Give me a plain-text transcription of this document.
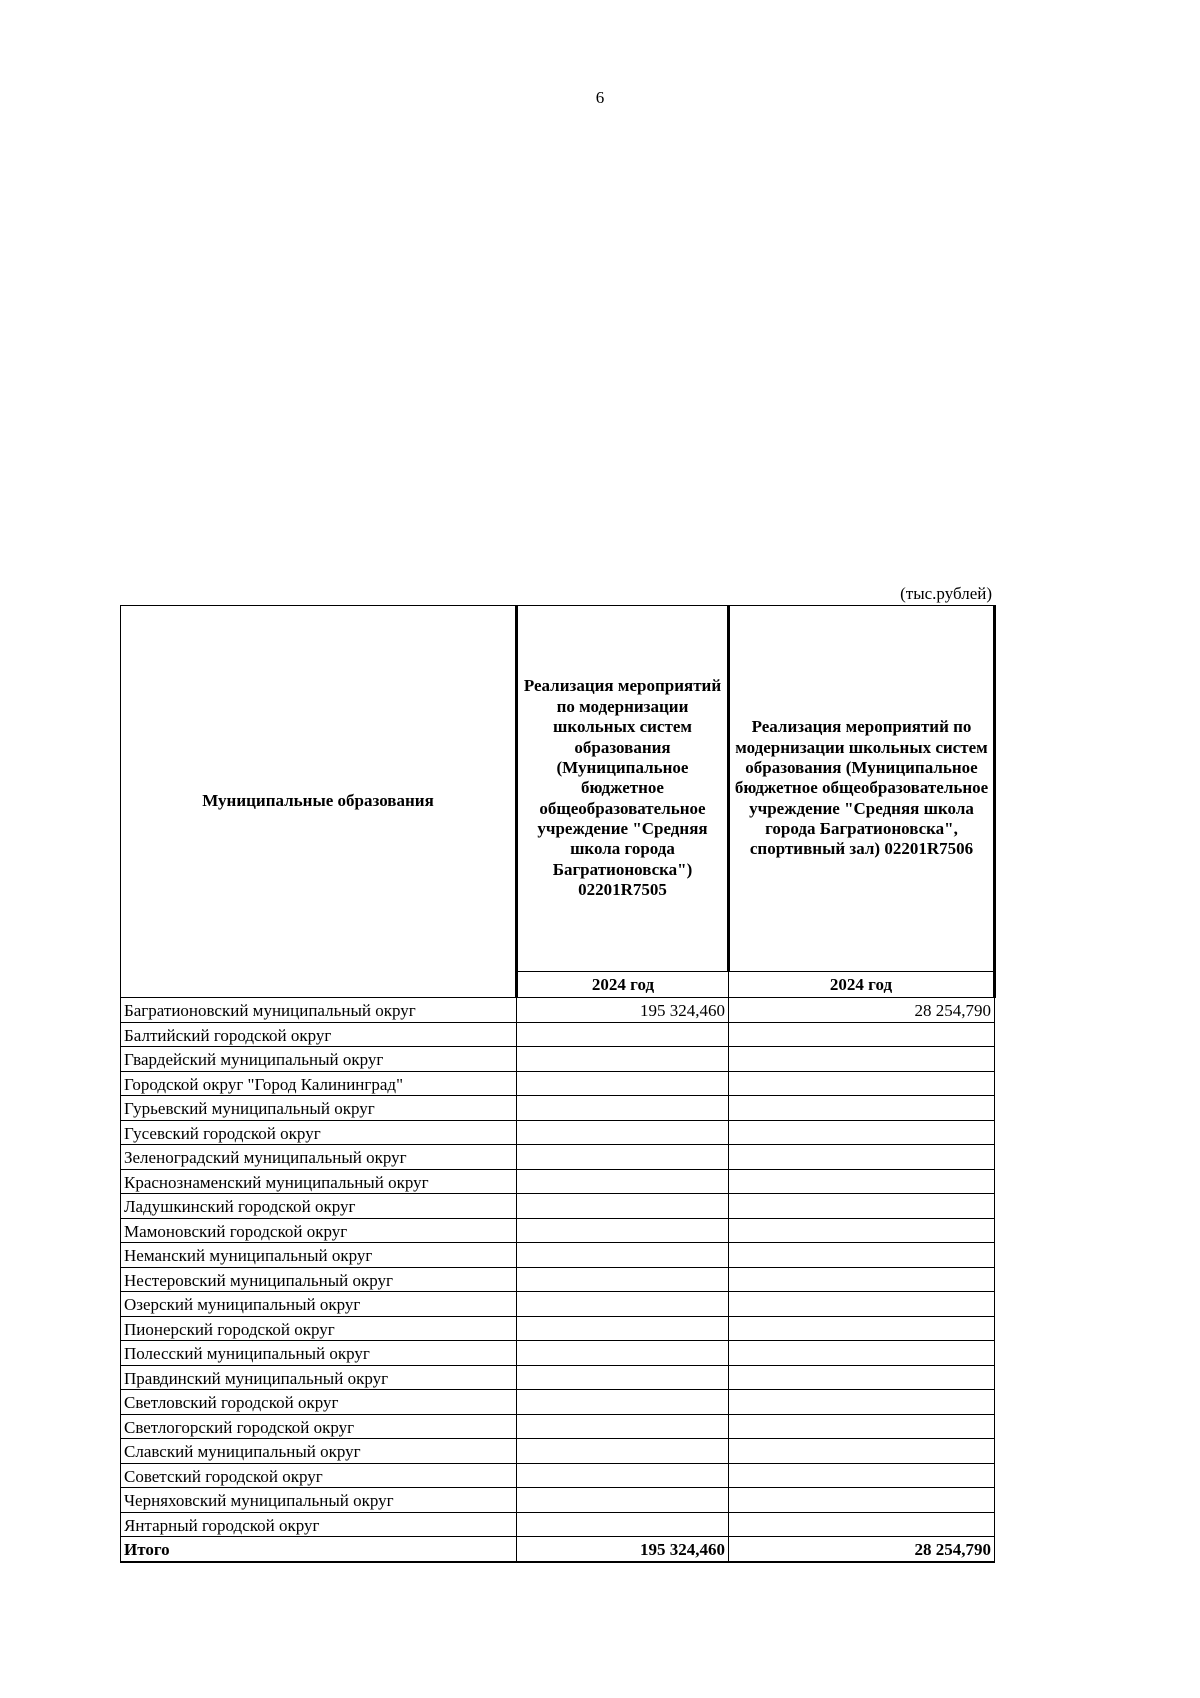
6
(тыс.рублей)
Муниципальные образования	Реализация мероприятий по модернизации школьных систем образования (Муниципальное бюджетное общеобразовательное учреждение "Средняя школа города Багратионовска") 02201R7505	Реализация мероприятий по модернизации школьных систем образования (Муниципальное бюджетное общеобразовательное учреждение "Средняя школа города Багратионовска", спортивный зал) 02201R7506

	2024 год	2024 год
Багратионовский муниципальный округ	195 324,460	28 254,790
Балтийский городской округ		
Гвардейский муниципальный округ		
Городской округ "Город Калининград"		
Гурьевский муниципальный округ		
Гусевский городской округ		
Зеленоградский муниципальный округ		
Краснознаменский муниципальный округ		
Ладушкинский городской округ		
Мамоновский городской округ		
Неманский муниципальный округ		
Нестеровский муниципальный округ		
Озерский муниципальный округ		
Пионерский городской округ		
Полесский муниципальный округ		
Правдинский муниципальный округ		
Светловский городской округ		
Светлогорский городской округ		
Славский муниципальный округ		
Советский городской округ		
Черняховский муниципальный округ		
Янтарный городской округ		
Итого	195 324,460	28 254,790
